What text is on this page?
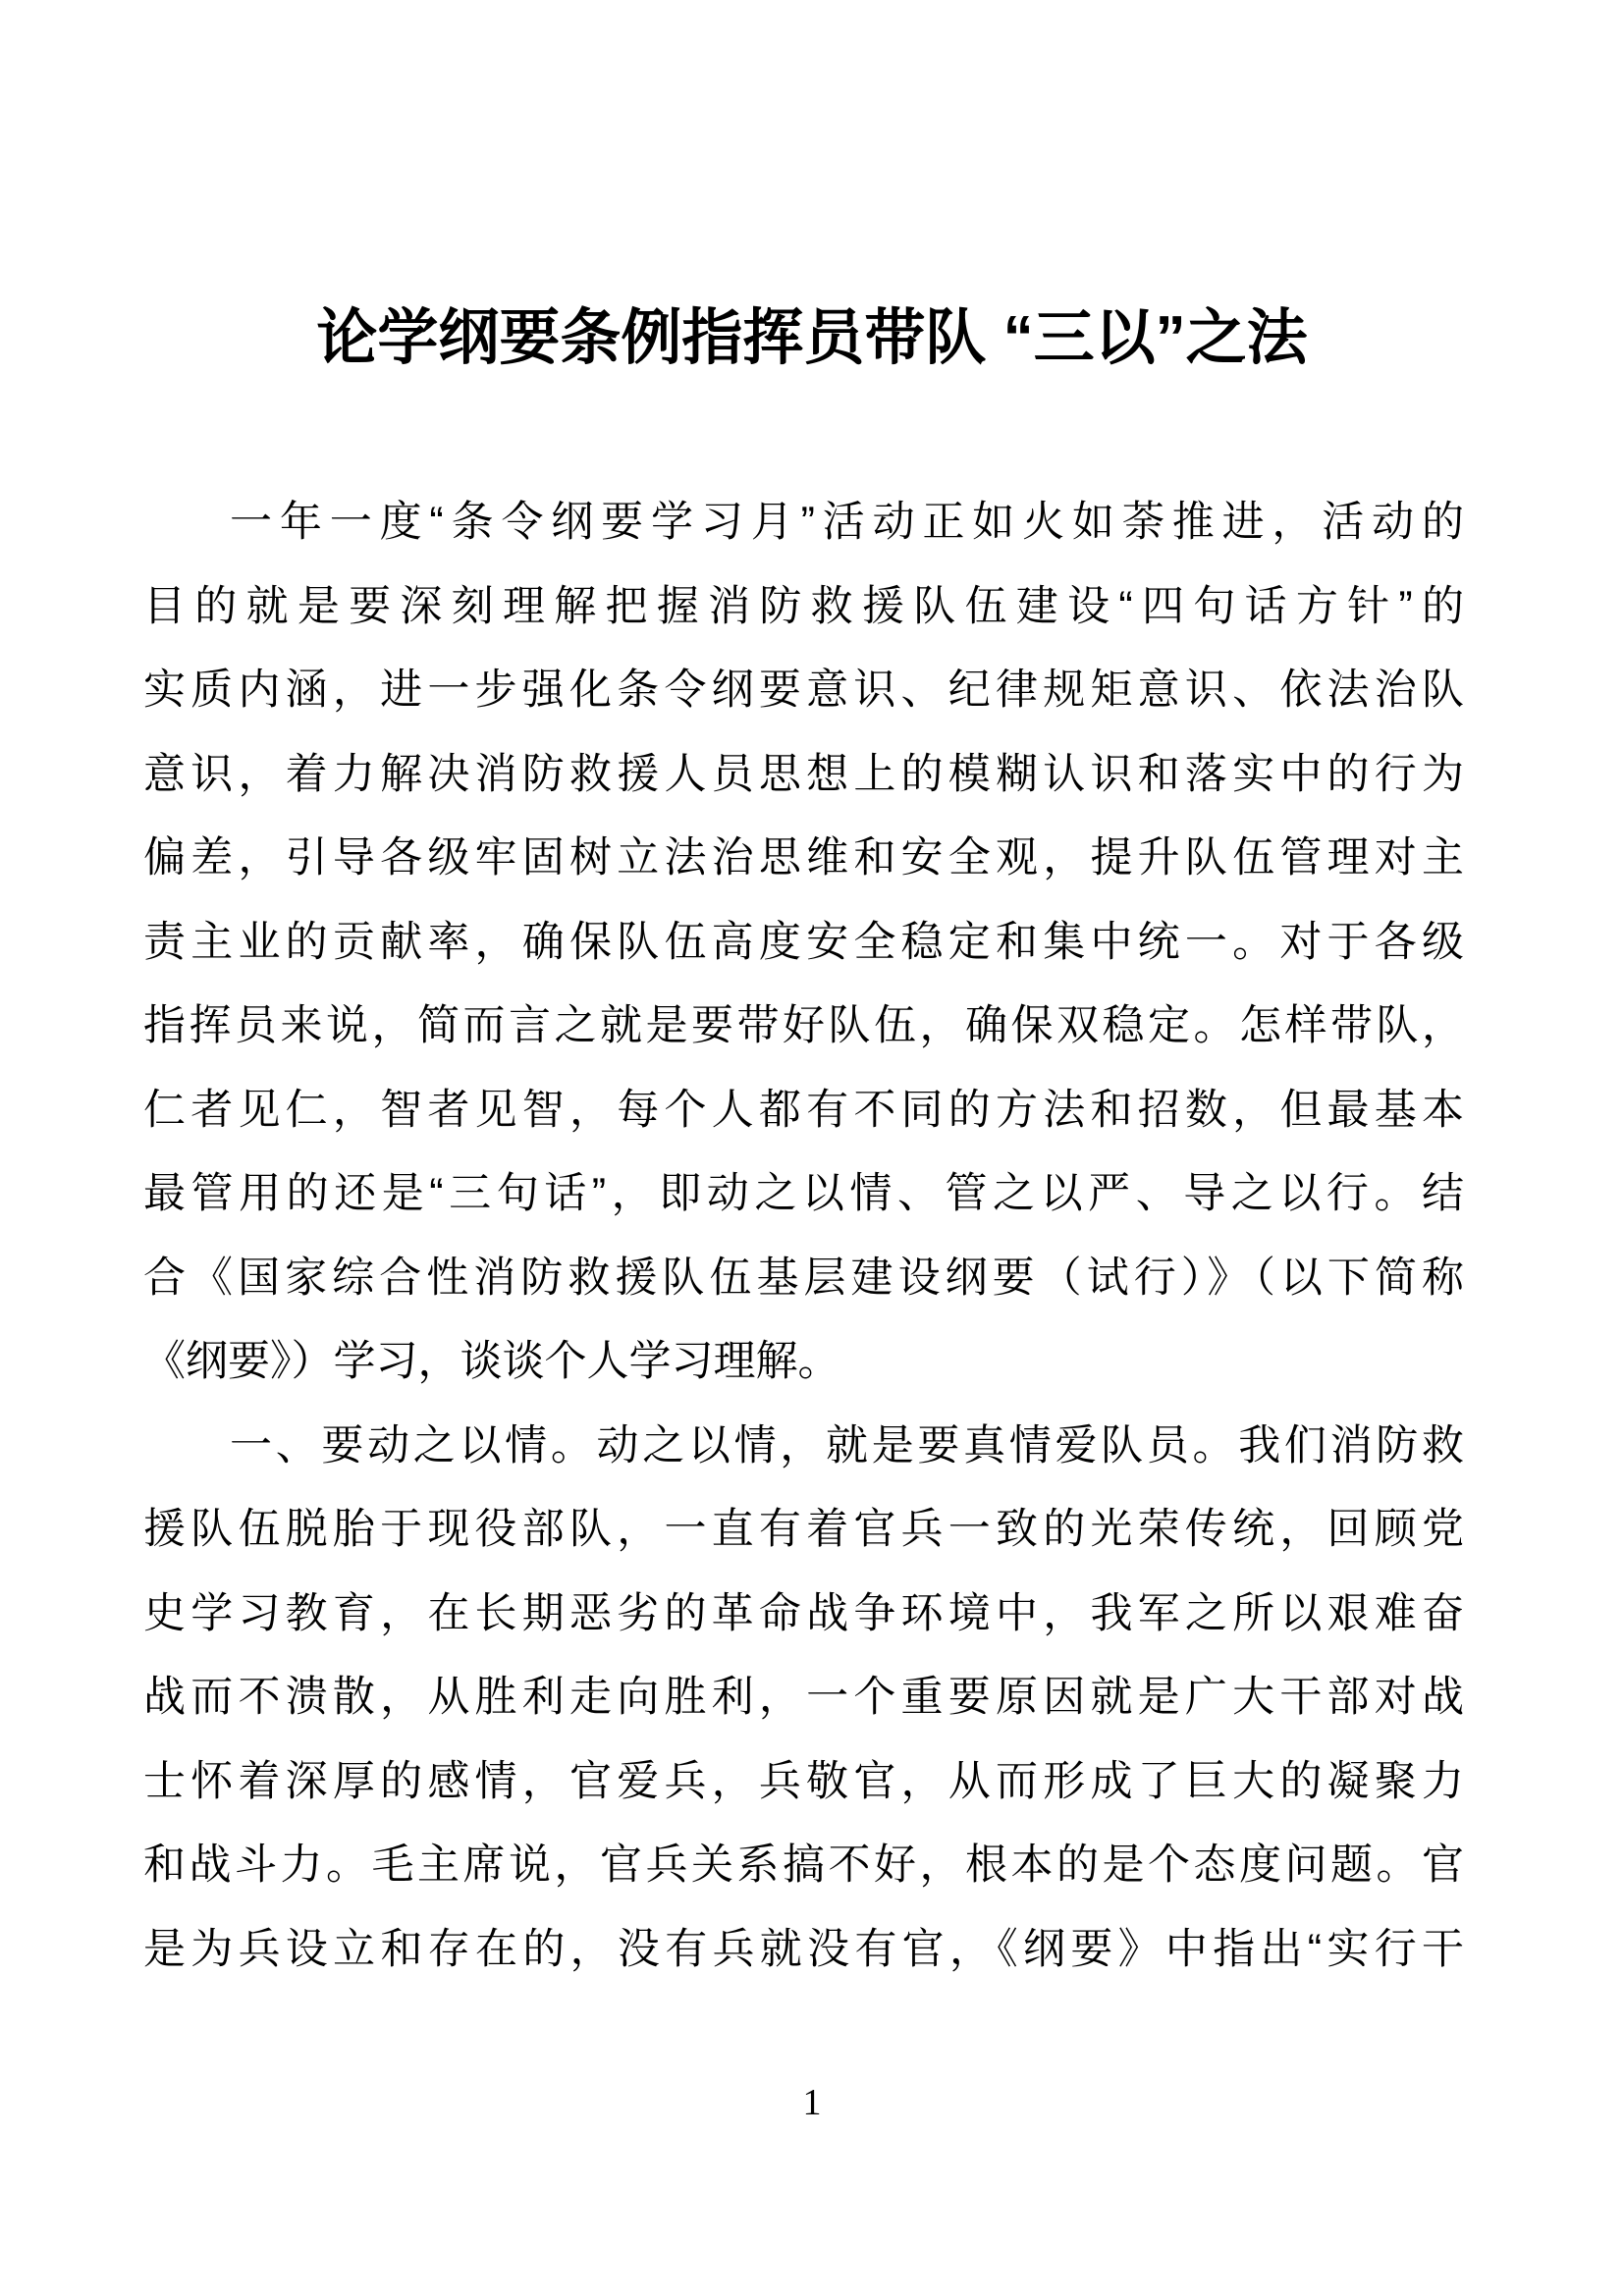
论学纲要条例指挥员带队 “三以”之法
一年一度“条令纲要学习月”活动正如火如荼推进，活动的
目的就是要深刻理解把握消防救援队伍建设“四句话方针”的
实质内涵，进一步强化条令纲要意识、纪律规矩意识、依法治队
意识，着力解决消防救援人员思想上的模糊认识和落实中的行为
偏差，引导各级牢固树立法治思维和安全观，提升队伍管理对主
责主业的贡献率，确保队伍高度安全稳定和集中统一。对于各级
指挥员来说，简而言之就是要带好队伍，确保双稳定。怎样带队，
仁者见仁，智者见智，每个人都有不同的方法和招数，但最基本
最管用的还是“三句话”，即动之以情、管之以严、导之以行。结
合《国家综合性消防救援队伍基层建设纲要（试行）》（以下简称
《纲要》）学习，谈谈个人学习理解。
一、要动之以情。动之以情，就是要真情爱队员。我们消防救
援队伍脱胎于现役部队，一直有着官兵一致的光荣传统，回顾党
史学习教育，在长期恶劣的革命战争环境中，我军之所以艰难奋
战而不溃散，从胜利走向胜利，一个重要原因就是广大干部对战
士怀着深厚的感情，官爱兵，兵敬官，从而形成了巨大的凝聚力
和战斗力。毛主席说，官兵关系搞不好，根本的是个态度问题。官
是为兵设立和存在的，没有兵就没有官，《纲要》中指出“实行干
1
